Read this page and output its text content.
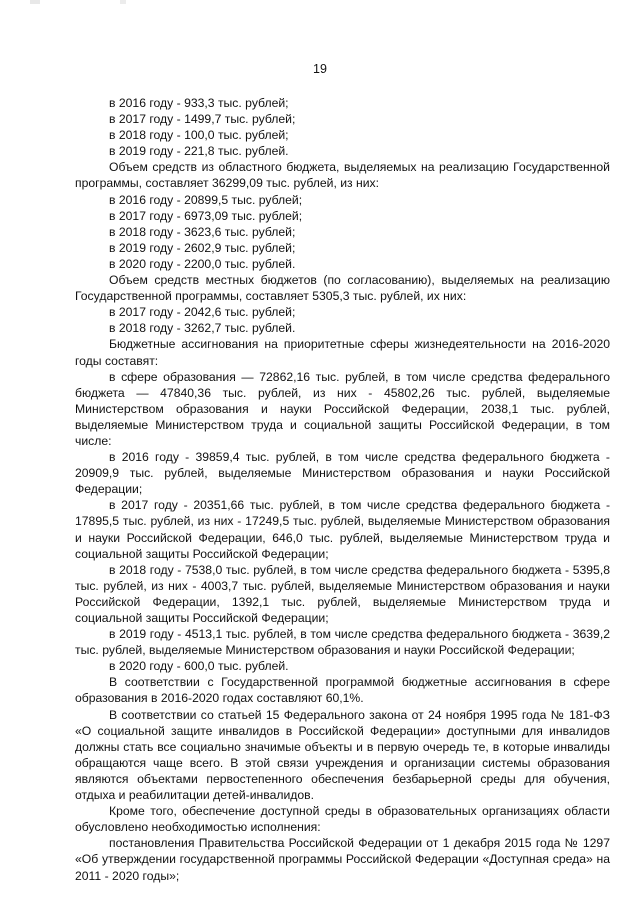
19

в 2016 году - 933,3 тыс. рублей;

в 2017 году - 1499,7 тыс. рублей;

в 2018 году - 100,0 тыс. рублей;

в 2019 году - 221,8 тыс. рублей.

Объем средств из областного бюджета, выделяемых на реализацию Государственной программы, составляет 36299,09 тыс. рублей, из них:

в 2016 году - 20899,5 тыс. рублей;

в 2017 году - 6973,09 тыс. рублей;

в 2018 году - 3623,6 тыс. рублей;

в 2019 году - 2602,9 тыс. рублей;

в 2020 году - 2200,0 тыс. рублей.

Объем средств местных бюджетов (по согласованию), выделяемых на реализацию Государственной программы, составляет 5305,3 тыс. рублей, их них:

в 2017 году - 2042,6 тыс. рублей;

в 2018 году - 3262,7 тыс. рублей.

Бюджетные ассигнования на приоритетные сферы жизнедеятельности на 2016-2020 годы составят:

в сфере образования — 72862,16 тыс. рублей, в том числе средства федерального бюджета — 47840,36 тыс. рублей, из них - 45802,26 тыс. рублей, выделяемые Министерством образования и науки Российской Федерации, 2038,1 тыс. рублей, выделяемые Министерством труда и социальной защиты Российской Федерации, в том числе:

в 2016 году - 39859,4 тыс. рублей, в том числе средства федерального бюджета - 20909,9 тыс. рублей, выделяемые Министерством образования и науки Российской Федерации;

в 2017 году - 20351,66 тыс. рублей, в том числе средства федерального бюджета - 17895,5 тыс. рублей, из них - 17249,5 тыс. рублей, выделяемые Министерством образования и науки Российской Федерации, 646,0 тыс. рублей, выделяемые Министерством труда и социальной защиты Российской Федерации;

в 2018 году - 7538,0 тыс. рублей, в том числе средства федерального бюджета - 5395,8 тыс. рублей, из них - 4003,7 тыс. рублей, выделяемые Министерством образования и науки Российской Федерации, 1392,1 тыс. рублей, выделяемые Министерством труда и социальной защиты Российской Федерации;

в 2019 году - 4513,1 тыс. рублей, в том числе средства федерального бюджета - 3639,2 тыс. рублей, выделяемые Министерством образования и науки Российской Федерации;

в 2020 году - 600,0 тыс. рублей.

В соответствии с Государственной программой бюджетные ассигнования в сфере образования в 2016-2020 годах составляют 60,1%.

В соответствии со статьей 15 Федерального закона от 24 ноября 1995 года № 181-ФЗ «О социальной защите инвалидов в Российской Федерации» доступными для инвалидов должны стать все социально значимые объекты и в первую очередь те, в которые инвалиды обращаются чаще всего. В этой связи учреждения и организации системы образования являются объектами первостепенного обеспечения безбарьерной среды для обучения, отдыха и реабилитации детей-инвалидов.

Кроме того, обеспечение доступной среды в образовательных организациях области обусловлено необходимостью исполнения:

постановления Правительства Российской Федерации от 1 декабря 2015 года № 1297 «Об утверждении государственной программы Российской Федерации «Доступная среда» на 2011 - 2020 годы»;
